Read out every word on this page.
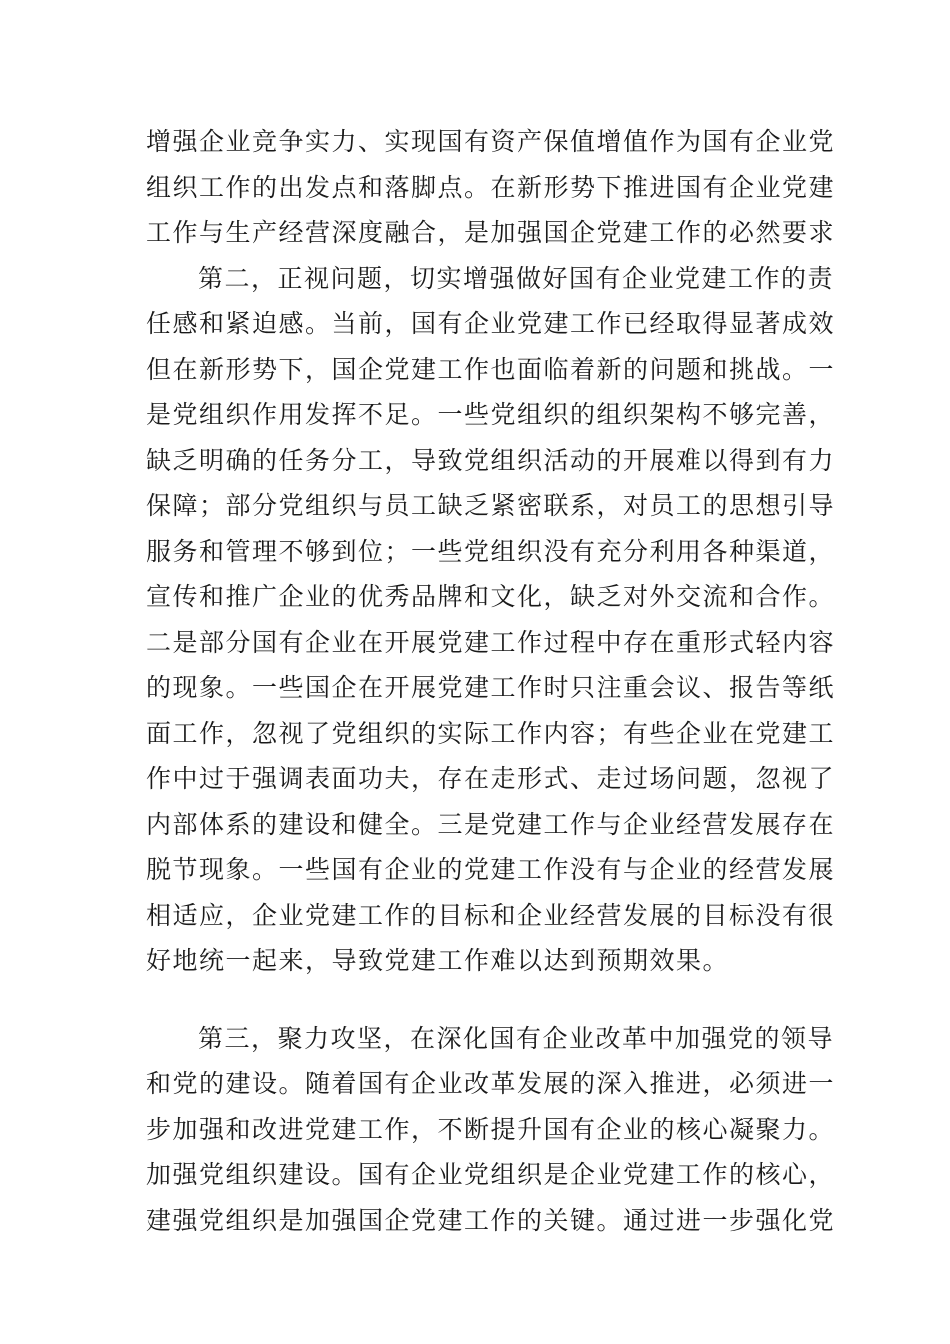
增强企业竞争实力、实现国有资产保值增值作为国有企业党
组织工作的出发点和落脚点。在新形势下推进国有企业党建
工作与生产经营深度融合，是加强国企党建工作的必然要求
第二，正视问题，切实增强做好国有企业党建工作的责
任感和紧迫感。当前，国有企业党建工作已经取得显著成效
但在新形势下，国企党建工作也面临着新的问题和挑战。一
是党组织作用发挥不足。一些党组织的组织架构不够完善，
缺乏明确的任务分工，导致党组织活动的开展难以得到有力
保障；部分党组织与员工缺乏紧密联系，对员工的思想引导
服务和管理不够到位；一些党组织没有充分利用各种渠道，
宣传和推广企业的优秀品牌和文化，缺乏对外交流和合作。
二是部分国有企业在开展党建工作过程中存在重形式轻内容
的现象。一些国企在开展党建工作时只注重会议、报告等纸
面工作，忽视了党组织的实际工作内容；有些企业在党建工
作中过于强调表面功夫，存在走形式、走过场问题，忽视了
内部体系的建设和健全。三是党建工作与企业经营发展存在
脱节现象。一些国有企业的党建工作没有与企业的经营发展
相适应，企业党建工作的目标和企业经营发展的目标没有很
好地统一起来，导致党建工作难以达到预期效果。
第三，聚力攻坚，在深化国有企业改革中加强党的领导
和党的建设。随着国有企业改革发展的深入推进，必须进一
步加强和改进党建工作，不断提升国有企业的核心凝聚力。
加强党组织建设。国有企业党组织是企业党建工作的核心，
建强党组织是加强国企党建工作的关键。通过进一步强化党
